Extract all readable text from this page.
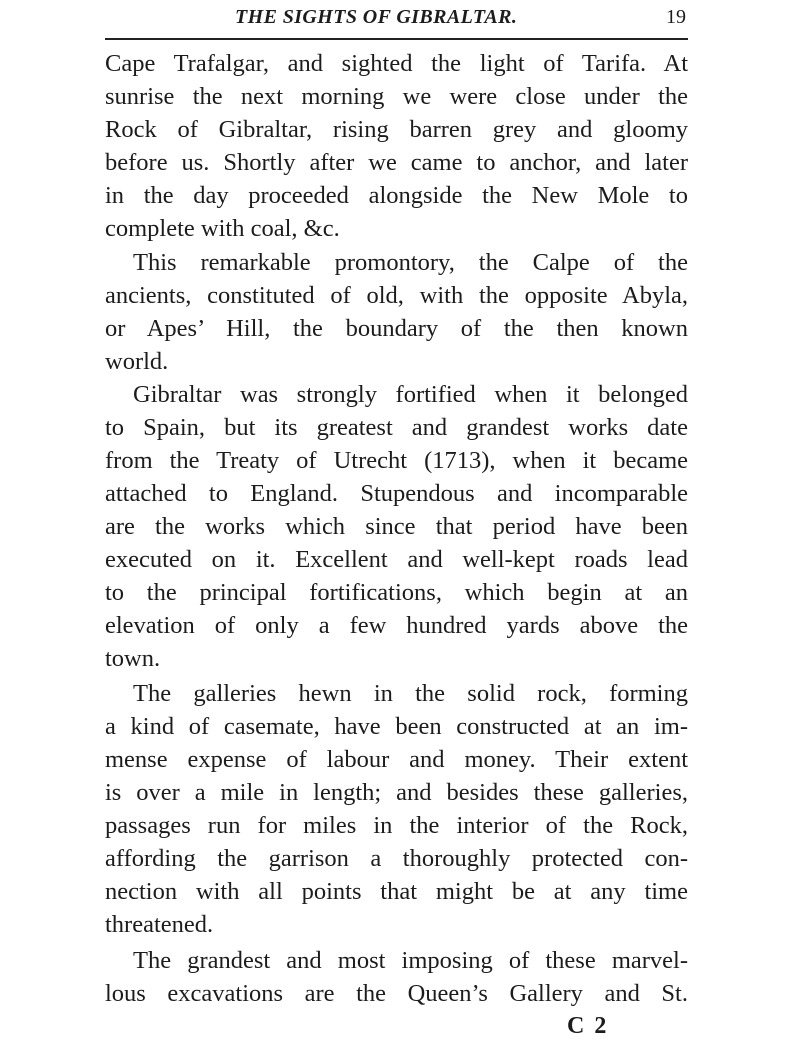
THE SIGHTS OF GIBRALTAR.	19
Cape Trafalgar, and sighted the light of Tarifa. At
sunrise the next morning we were close under the
Rock of Gibraltar, rising barren grey and gloomy
before us. Shortly after we came to anchor, and later
in the day proceeded alongside the New Mole to
complete with coal, &c.
This remarkable promontory, the Calpe of the
ancients, constituted of old, with the opposite Abyla,
or Apes’ Hill, the boundary of the then known
world.
Gibraltar was strongly fortified when it belonged
to Spain, but its greatest and grandest works date
from the Treaty of Utrecht (1713), when it became
attached to England. Stupendous and incomparable
are the works which since that period have been
executed on it. Excellent and well-kept roads lead
to the principal fortifications, which begin at an
elevation of only a few hundred yards above the
town.
The galleries hewn in the solid rock, forming
a kind of casemate, have been constructed at an im-
mense expense of labour and money. Their extent
is over a mile in length; and besides these galleries,
passages run for miles in the interior of the Rock,
affording the garrison a thoroughly protected con-
nection with all points that might be at any time
threatened.
The grandest and most imposing of these marvel-
lous excavations are the Queen’s Gallery and St.
C 2
